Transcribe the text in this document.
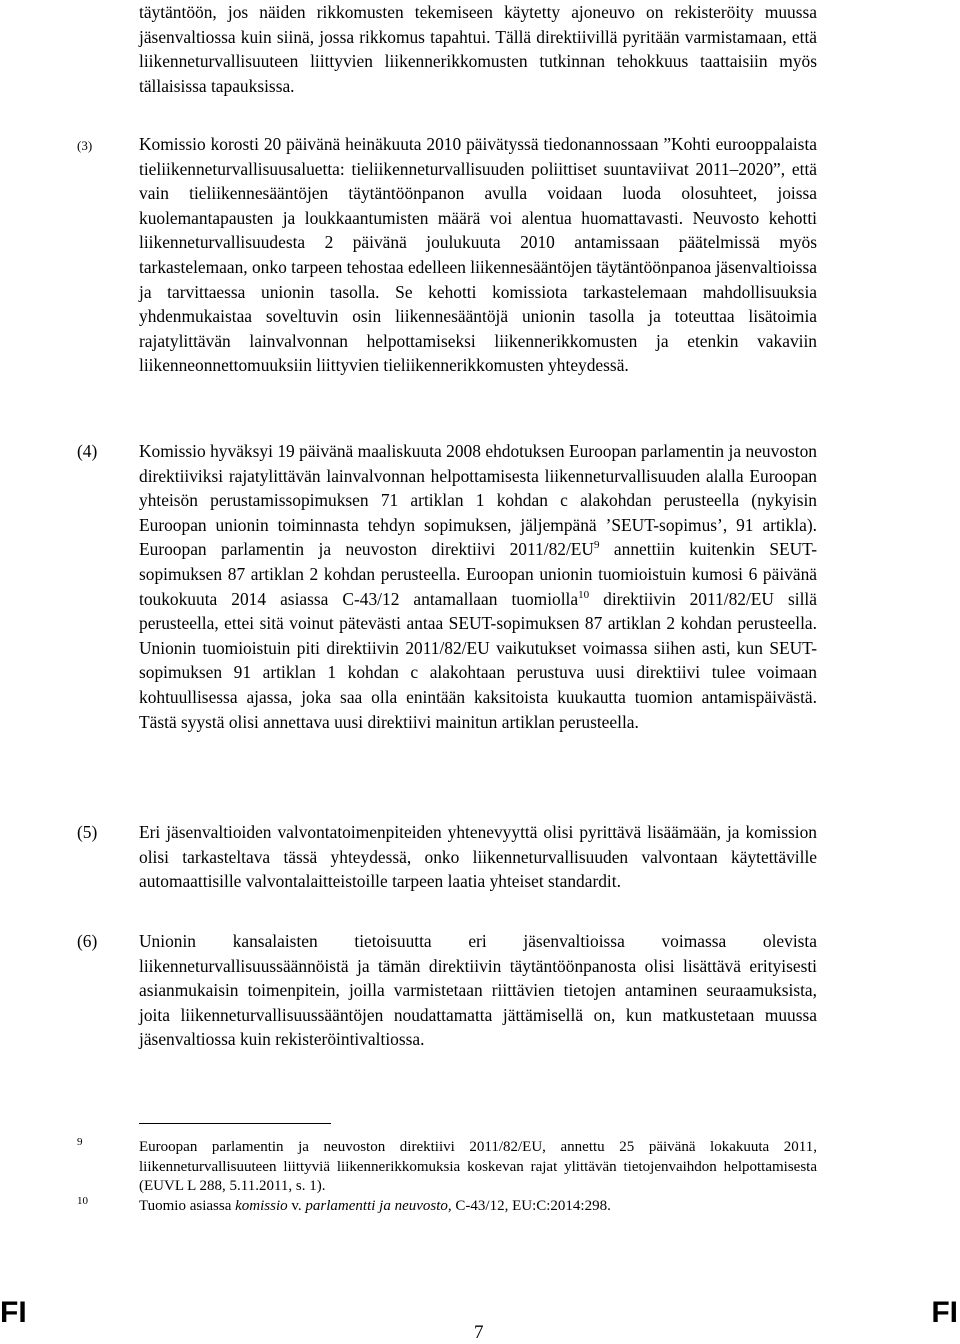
täytäntöön, jos näiden rikkomusten tekemiseen käytetty ajoneuvo on rekisteröity muussa jäsenvaltiossa kuin siinä, jossa rikkomus tapahtui. Tällä direktiivillä pyritään varmistamaan, että liikenneturvallisuuteen liittyvien liikennerikkomusten tutkinnan tehokkuus taattaisiin myös tällaisissa tapauksissa.

(3)	Komissio korosti 20 päivänä heinäkuuta 2010 päivätyssä tiedonannossaan ”Kohti eurooppalaista tieliikenneturvallisuusaluetta: tieliikenneturvallisuuden poliittiset suuntaviivat 2011–2020”, että vain tieliikennesääntöjen täytäntöönpanon avulla voidaan luoda olosuhteet, joissa kuolemantapausten ja loukkaantumisten määrä voi alentua huomattavasti. Neuvosto kehotti liikenneturvallisuudesta 2 päivänä joulukuuta 2010 antamissaan päätelmissä myös tarkastelemaan, onko tarpeen tehostaa edelleen liikennesääntöjen täytäntöönpanoa jäsenvaltioissa ja tarvittaessa unionin tasolla. Se kehotti komissiota tarkastelemaan mahdollisuuksia yhdenmukaistaa soveltuvin osin liikennesääntöjä unionin tasolla ja toteuttaa lisätoimia rajatylittävän lainvalvonnan helpottamiseksi liikennerikkomusten ja etenkin vakaviin liikenneonnettomuuksiin liittyvien tieliikennerikkomusten yhteydessä.

(4) Komissio hyväksyi 19 päivänä maaliskuuta 2008 ehdotuksen Euroopan parlamentin ja neuvoston direktiiviksi rajatylittävän lainvalvonnan helpottamisesta liikenneturvallisuuden alalla Euroopan yhteisön perustamissopimuksen 71 artiklan 1 kohdan c alakohdan perusteella (nykyisin Euroopan unionin toiminnasta tehdyn sopimuksen, jäljempänä ’SEUT-sopimus’, 91 artikla). Euroopan parlamentin ja neuvoston direktiivi $2011/82/EU^9$ annettiin kuitenkin SEUT-sopimuksen 87 artiklan 2 kohdan perusteella. Euroopan unionin tuomioistuin kumosi 6 päivänä toukokuuta 2014 asiassa C-43/12 antamallaan tuomiolla$^{10}$ direktiivin 2011/82/EU sillä perusteella, ettei sitä voinut pätevästi antaa SEUT-sopimuksen 87 artiklan 2 kohdan perusteella. Unionin tuomioistuin piti direktiivin 2011/82/EU vaikutukset voimassa siihen asti, kun SEUT-sopimuksen 91 artiklan 1 kohdan c alakohtaan perustuva uusi direktiivi tulee voimaan kohtuullisessa ajassa, joka saa olla enintään kaksitoista kuukautta tuomion antamispäivästä. Tästä syystä olisi annettava uusi direktiivi mainitun artiklan perusteella.

(5) Eri jäsenvaltioiden valvontatoimenpiteiden yhtenevyyttä olisi pyrittävä lisäämään, ja komission olisi tarkasteltava tässä yhteydessä, onko liikenneturvallisuuden valvontaan käytettäville automaattisille valvontalaitteistoille tarpeen laatia yhteiset standardit.

(6) Unionin kansalaisten tietoisuutta eri jäsenvaltioissa voimassa olevista liikenneturvallisuussäännöistä ja tämän direktiivin täytäntöönpanosta olisi lisättävä erityisesti asianmukaisin toimenpitein, joilla varmistetaan riittävien tietojen antaminen seuraamuksista, joita liikenneturvallisuussääntöjen noudattamatta jättämisellä on, kun matkustetaan muussa jäsenvaltiossa kuin rekisteröintivaltiossa.

9	Euroopan parlamentin ja neuvoston direktiivi 2011/82/EU, annettu 25 päivänä lokakuuta 2011, liikenneturvallisuuteen liittyviä liikennerikkomuksia koskevan rajat ylittävän tietojenvaihdon helpottamisesta (EUVL L 288, 5.11.2011, s. 1).

10	Tuomio asiassa komissio v. parlamentti ja neuvosto, C-43/12, EU:C:2014:298.

FI
7
FI
